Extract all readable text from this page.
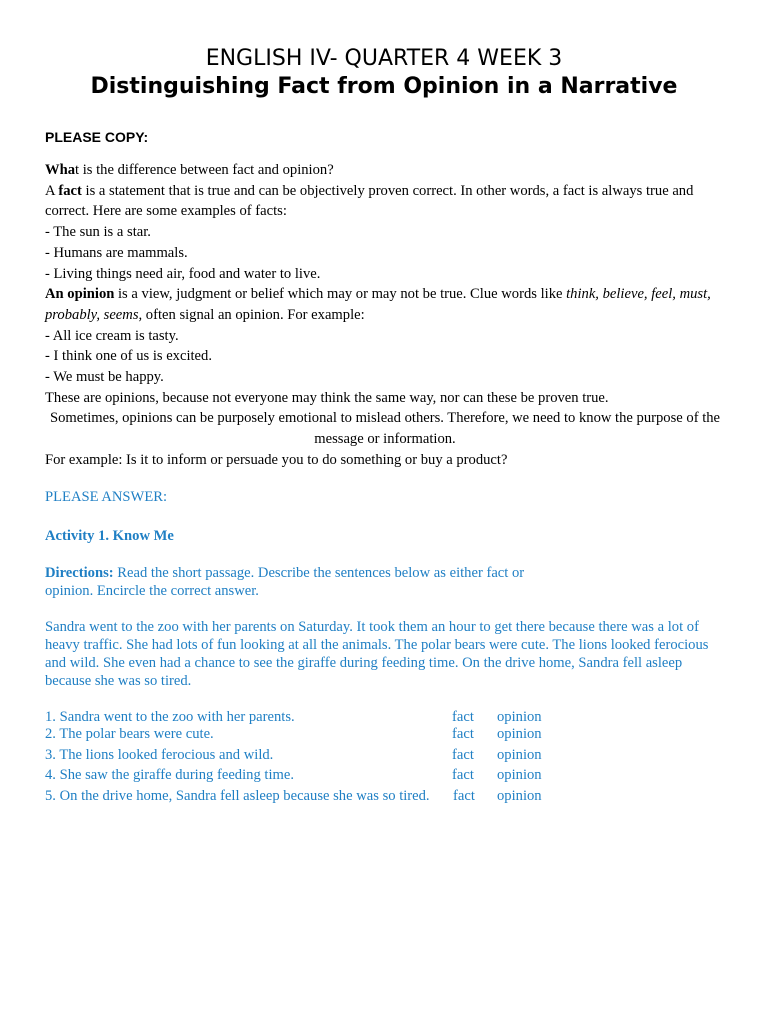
ENGLISH IV- QUARTER 4 WEEK 3
Distinguishing Fact from Opinion in a Narrative
PLEASE COPY:

What is the difference between fact and opinion?

A fact is a statement that is true and can be objectively proven correct. In other words, a fact is always true and correct. Here are some examples of facts:

- The sun is a star.

- Humans are mammals.

- Living things need air, food and water to live.

An opinion is a view, judgment or belief which may or may not be true. Clue words like think, believe, feel, must, probably, seems, often signal an opinion. For example:

- All ice cream is tasty.

- I think one of us is excited.

- We must be happy.

These are opinions, because not everyone may think the same way, nor can these be proven true.

Sometimes, opinions can be purposely emotional to mislead others. Therefore, we need to know the purpose of the message or information.

For example: Is it to inform or persuade you to do something or buy a product?

PLEASE ANSWER:
Activity 1. Know Me
Directions: Read the short passage. Describe the sentences below as either fact or opinion. Encircle the correct answer.
Sandra went to the zoo with her parents on Saturday. It took them an hour to get there because there was a lot of heavy traffic. She had lots of fun looking at all the animals. The polar bears were cute. The lions looked ferocious and wild. She even had a chance to see the giraffe during feeding time. On the drive home, Sandra fell asleep because she was so tired.
1. Sandra went to the zoo with her parents.	fact opinion
2. The polar bears were cute.	fact opinion
3. The lions looked ferocious and wild.	fact opinion
4. She saw the giraffe during feeding time.	fact opinion
5. On the drive home, Sandra fell asleep because she was so tired. fact opinion
